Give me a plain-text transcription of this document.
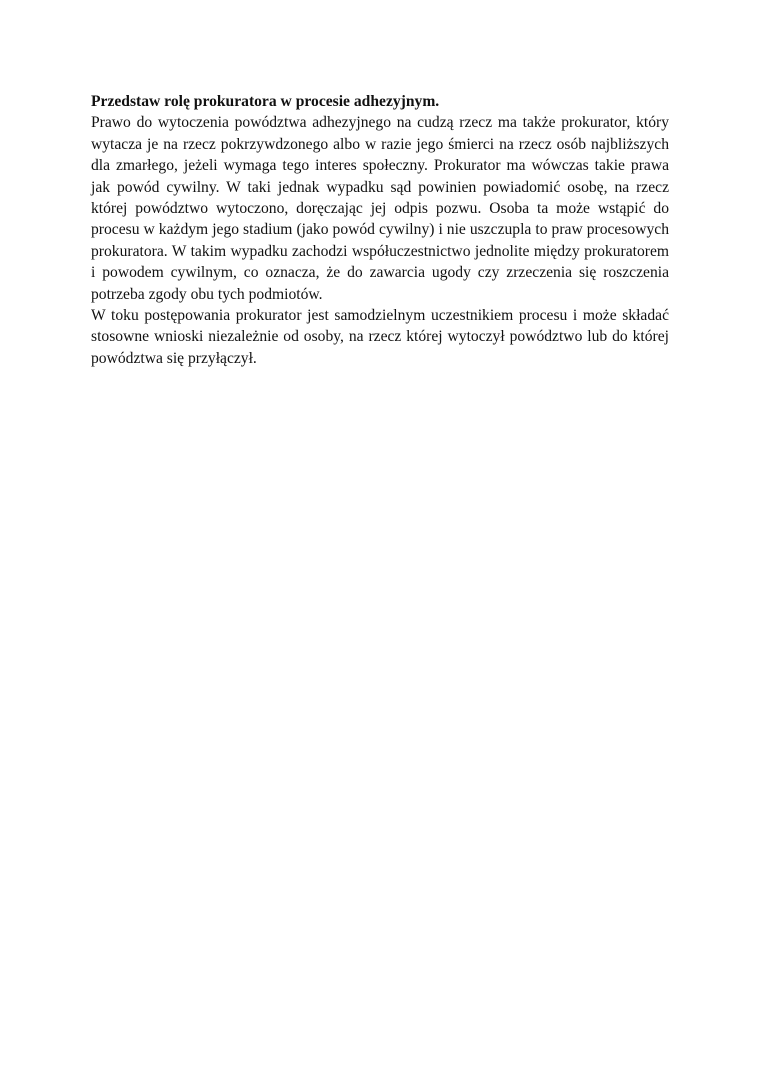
Przedstaw rolę prokuratora w procesie adhezyjnym.

Prawo do wytoczenia powództwa adhezyjnego na cudzą rzecz ma także prokurator, który wytacza je na rzecz pokrzywdzonego albo w razie jego śmierci na rzecz osób najbliższych dla zmarłego, jeżeli wymaga tego interes społeczny. Prokurator ma wówczas takie prawa jak powód cywilny. W taki jednak wypadku sąd powinien powiadomić osobę, na rzecz której powództwo wytoczono, doręczając jej odpis pozwu. Osoba ta może wstąpić do procesu w każdym jego stadium (jako powód cywilny) i nie uszczupla to praw procesowych prokuratora. W takim wypadku zachodzi współuczestnictwo jednolite między prokuratorem i powodem cywilnym, co oznacza, że do zawarcia ugody czy zrzeczenia się roszczenia potrzeba zgody obu tych podmiotów.

W toku postępowania prokurator jest samodzielnym uczestnikiem procesu i może składać stosowne wnioski niezależnie od osoby, na rzecz której wytoczył powództwo lub do której powództwa się przyłączył.
